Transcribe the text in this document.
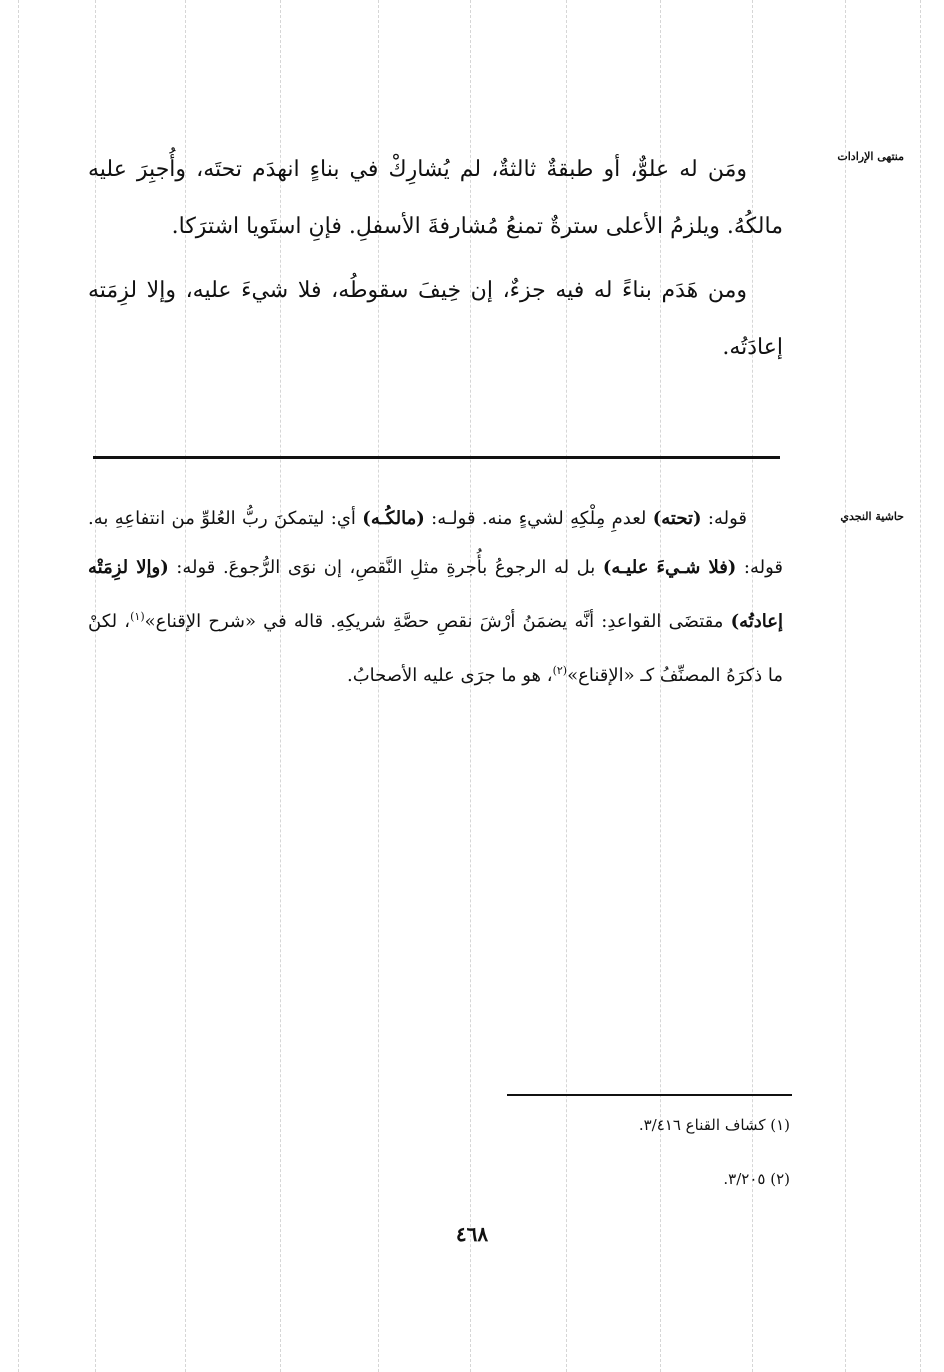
منتهى الإرادات
حاشية النجدي

ومَن له علوٌّ، أو طبقةٌ ثالثةٌ، لم يُشارِكْ في بناءٍ انهدَم تحتَه، وأُجبِرَ عليه مالكُهُ. ويلزمُ الأعلى سترةٌ تمنعُ مُشارفةَ الأسفلِ. فإنِ استَويا اشترَكا.

ومن هَدَم بناءً له فيه جزءٌ، إن خِيفَ سقوطُه، فلا شيءَ عليه، وإلا لزِمَته إعادَتُه.

قوله: (تحته) لعدمِ مِلْكِهِ لشيءٍ منه. قولـه: (مالكُـه) أي: ليتمكنَ ربُّ العُلوِّ من انتفاعِهِ به. قوله: (فلا شـيءَ عليـه) بل له الرجوعُ بأُجرةِ مثلِ النَّقصِ، إن نوَى الرُّجوعَ. قوله: (وإلا لزِمَتْه إعادتُه) مقتضَى القواعدِ: أنَّه يضمَنُ أرْشَ نقصِ حصَّةِ شريكِهِ. قاله في «شرح الإقناع»$^{(١)}$، لكنْ ما ذكرَهُ المصنِّفُ كـ «الإقناع»$^{(٢)}$، هو ما جرَى عليه الأصحابُ.

(١) كشاف القناع ٣/٤١٦.

(٢) ٣/٢٠٥.

٤٦٨
